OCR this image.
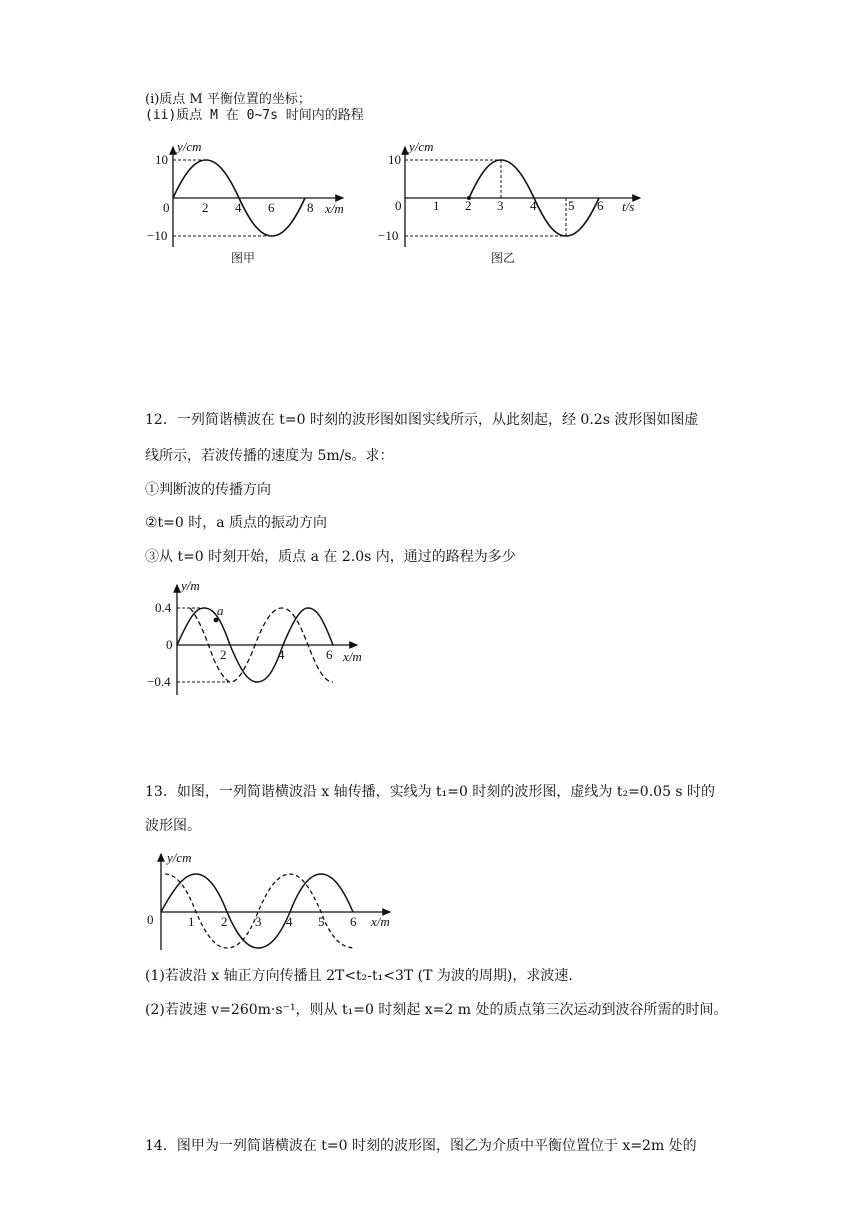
(i)质点 M 平衡位置的坐标；
(ii)质点 M 在 0~7s 时间内的路程
y/cm
10
−10
0	2 4 6	8 x/m
图甲
y/cm
10
−10
0 1 2 3 4 5 6 t/s
图乙
12．一列简谐横波在 t=0 时刻的波形图如图实线所示，从此刻起，经 0.2s 波形图如图虚
线所示，若波传播的速度为 5m/s。求：
①判断波的传播方向
②t=0 时，a 质点的振动方向
③从 t=0 时刻开始，质点 a 在 2.0s 内，通过的路程为多少
a
y/m
0.4
−0.4
0
2	4	6 x/m
13．如图，一列简谐横波沿 x 轴传播，实线为 t₁=0 时刻的波形图，虚线为 t₂=0.05 s 时的
波形图。
y/cm
0	1 2 3 4 5 6 x/m
(1)若波沿 x 轴正方向传播且 2T<t₂-t₁<3T (T 为波的周期)，求波速.
(2)若波速 v=260m·s⁻¹，则从 t₁=0 时刻起 x=2 m 处的质点第三次运动到波谷所需的时间。
14．图甲为一列简谐横波在 t=0 时刻的波形图，图乙为介质中平衡位置位于 x=2m 处的
